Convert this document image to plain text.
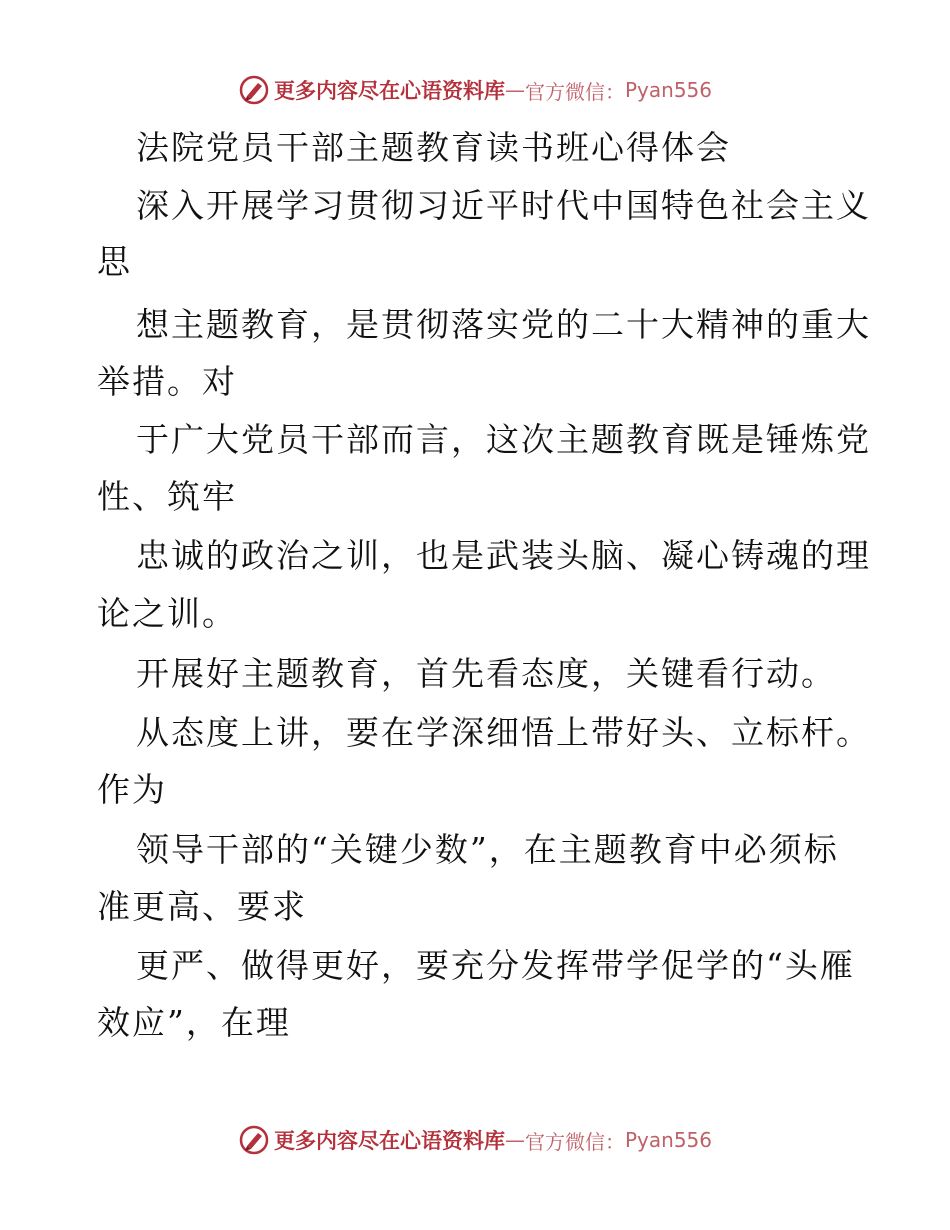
更多内容尽在心语资料库 — 官方微信： Pyan556
法院党员干部主题教育读书班心得体会
深入开展学习贯彻习近平时代中国特色社会主义
思
想主题教育，是贯彻落实党的二十大精神的重大
举措。对
于广大党员干部而言，这次主题教育既是锤炼党
性、筑牢
忠诚的政治之训，也是武装头脑、凝心铸魂的理
论之训。
开展好主题教育，首先看态度，关键看行动。
从态度上讲，要在学深细悟上带好头、立标杆。
作为
领导干部的“关键少数”，在主题教育中必须标
准更高、要求
更严、做得更好，要充分发挥带学促学的“头雁
效应”，在理
更多内容尽在心语资料库 — 官方微信： Pyan556
